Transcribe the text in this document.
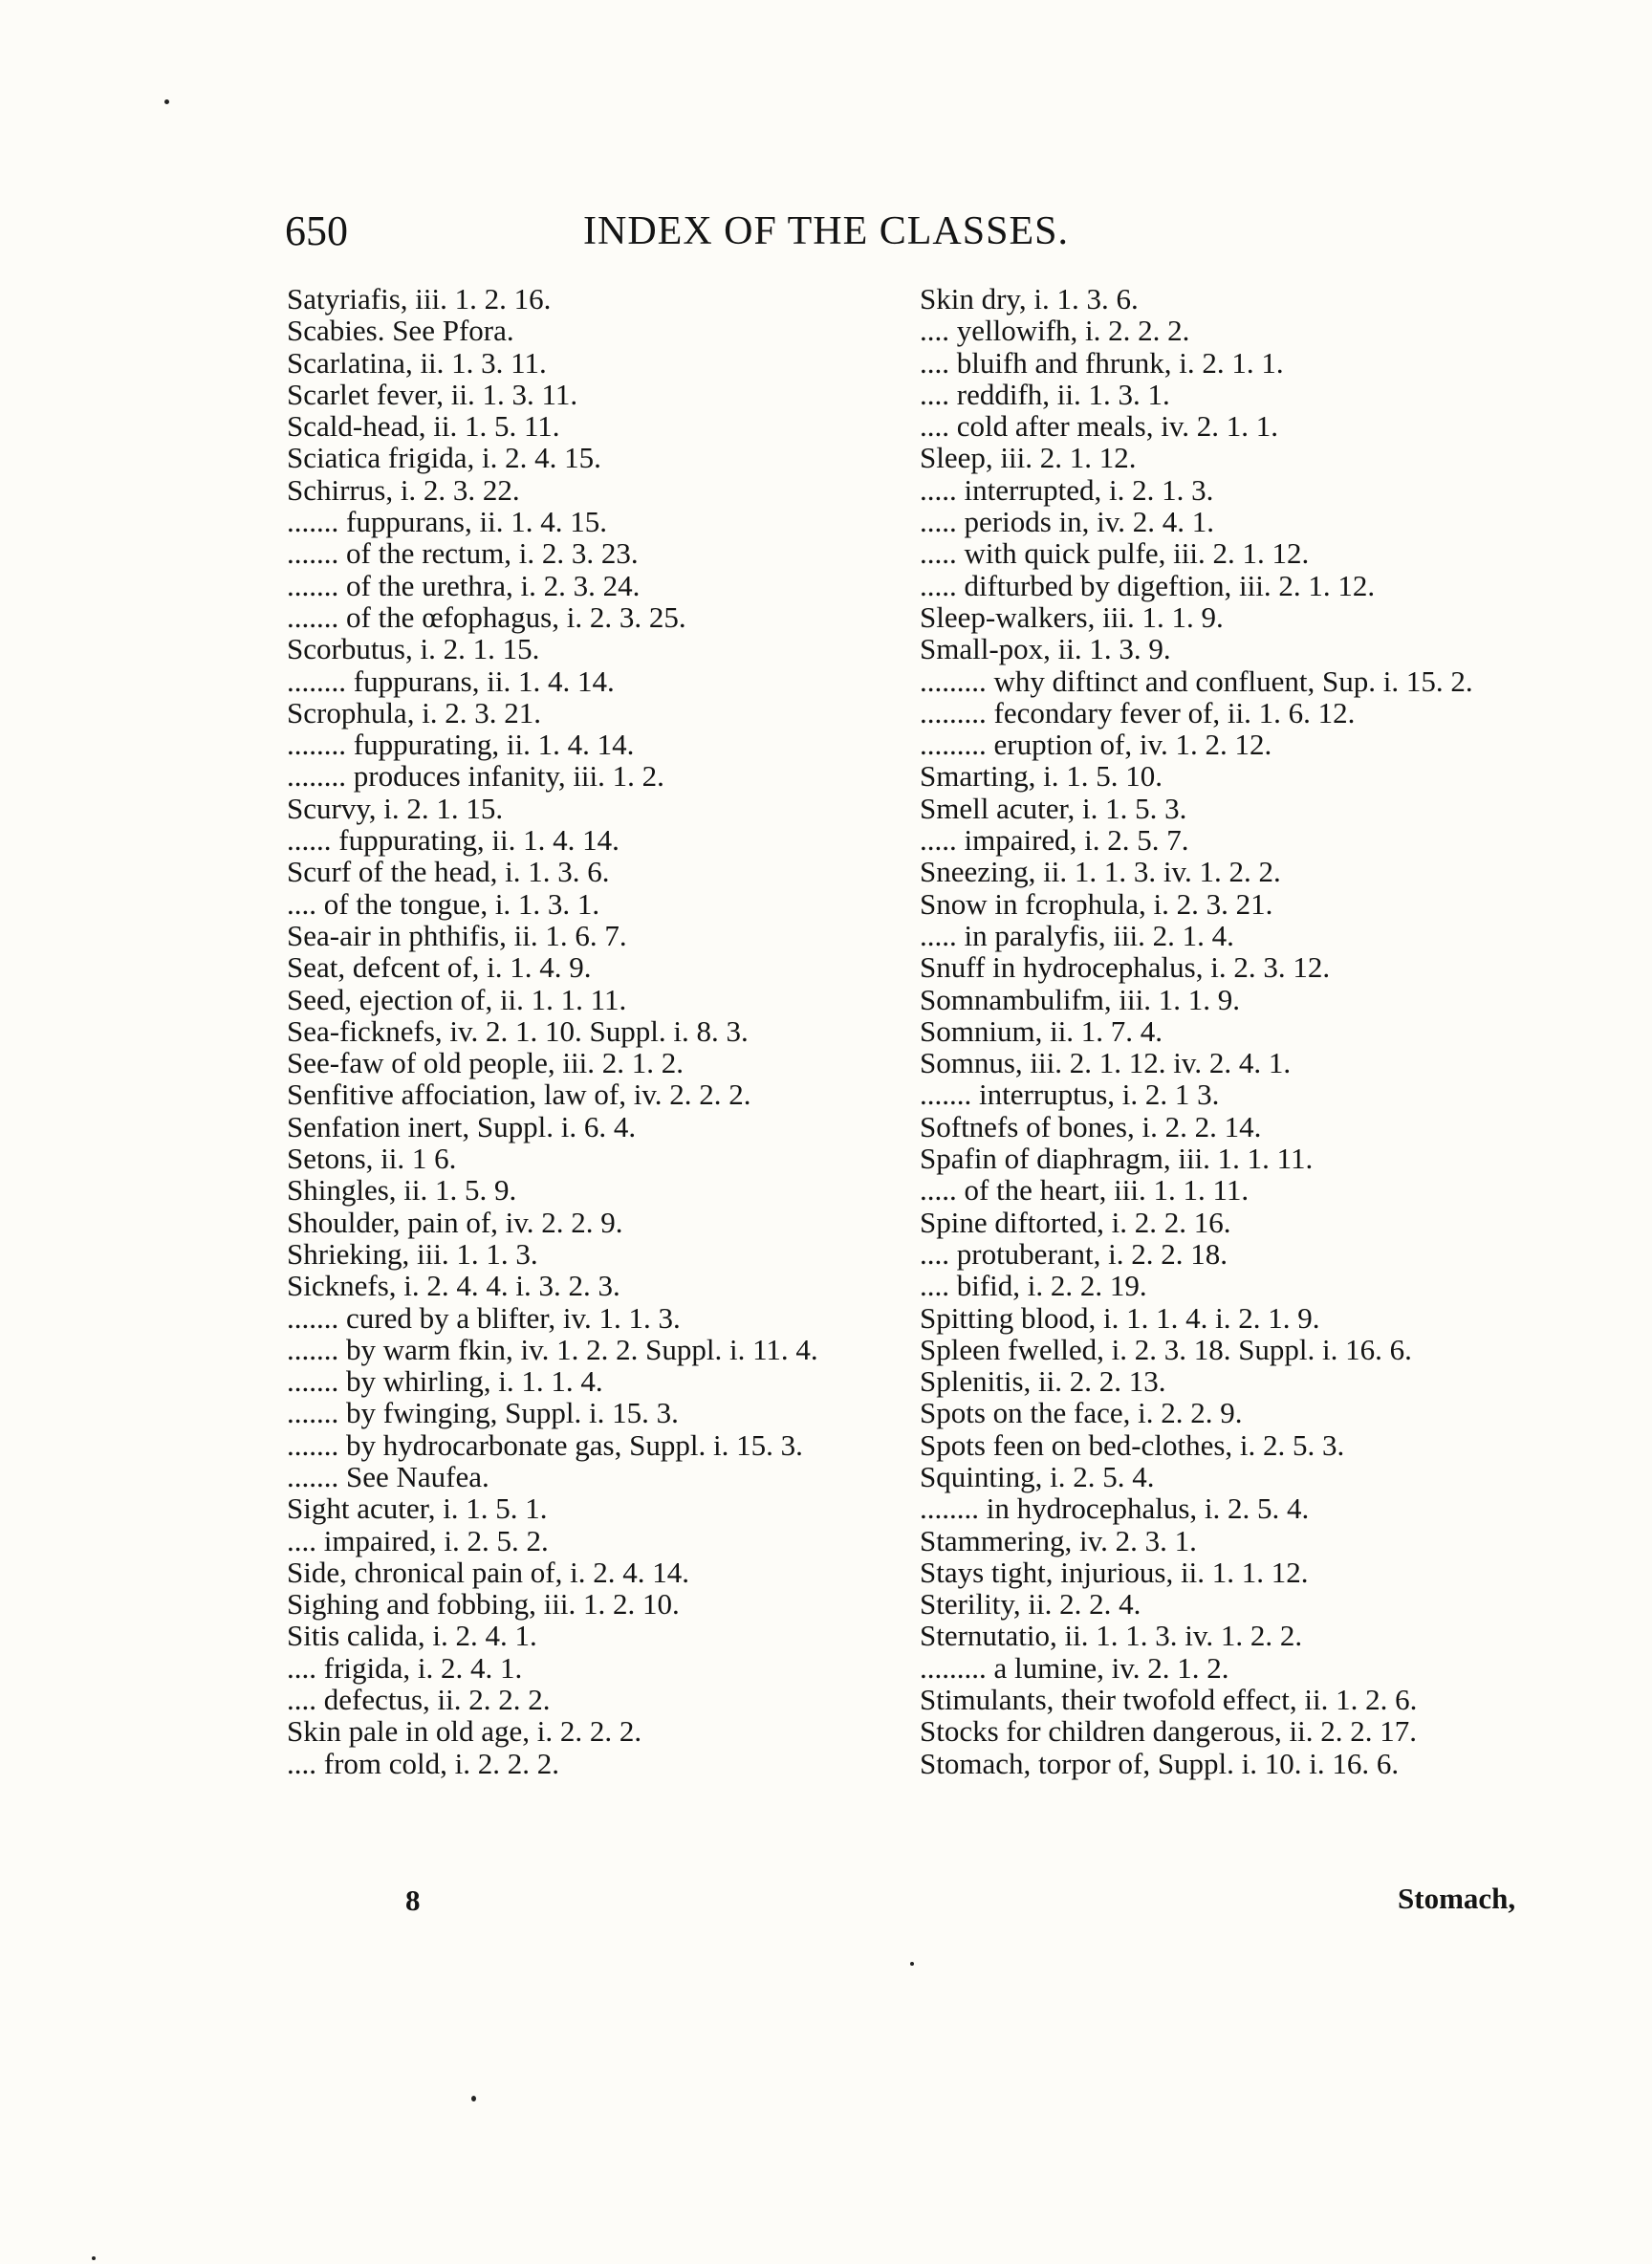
650	INDEX OF THE CLASSES.
Satyriafis, iii. 1. 2. 16.
Scabies. See Pfora.
Scarlatina, ii. 1. 3. 11.
Scarlet fever, ii. 1. 3. 11.
Scald-head, ii. 1. 5. 11.
Sciatica frigida, i. 2. 4. 15.
Schirrus, i. 2. 3. 22.
....... fuppurans, ii. 1. 4. 15.
....... of the rectum, i. 2. 3. 23.
....... of the urethra, i. 2. 3. 24.
....... of the œfophagus, i. 2. 3. 25.
Scorbutus, i. 2. 1. 15.
........ fuppurans, ii. 1. 4. 14.
Scrophula, i. 2. 3. 21.
........ fuppurating, ii. 1. 4. 14.
........ produces infanity, iii. 1. 2.
Scurvy, i. 2. 1. 15.
...... fuppurating, ii. 1. 4. 14.
Scurf of the head, i. 1. 3. 6.
.... of the tongue, i. 1. 3. 1.
Sea-air in phthifis, ii. 1. 6. 7.
Seat, defcent of, i. 1. 4. 9.
Seed, ejection of, ii. 1. 1. 11.
Sea-ficknefs, iv. 2. 1. 10. Suppl. i. 8. 3.
See-faw of old people, iii. 2. 1. 2.
Senfitive affociation, law of, iv. 2. 2. 2.
Senfation inert, Suppl. i. 6. 4.
Setons, ii. 1 6.
Shingles, ii. 1. 5. 9.
Shoulder, pain of, iv. 2. 2. 9.
Shrieking, iii. 1. 1. 3.
Sicknefs, i. 2. 4. 4. i. 3. 2. 3.
....... cured by a blifter, iv. 1. 1. 3.
....... by warm fkin, iv. 1. 2. 2. Suppl. i. 11. 4.
....... by whirling, i. 1. 1. 4.
....... by fwinging, Suppl. i. 15. 3.
....... by hydrocarbonate gas, Suppl. i. 15. 3.
....... See Naufea.
Sight acuter, i. 1. 5. 1.
.... impaired, i. 2. 5. 2.
Side, chronical pain of, i. 2. 4. 14.
Sighing and fobbing, iii. 1. 2. 10.
Sitis calida, i. 2. 4. 1.
.... frigida, i. 2. 4. 1.
.... defectus, ii. 2. 2. 2.
Skin pale in old age, i. 2. 2. 2.
.... from cold, i. 2. 2. 2.
Skin dry, i. 1. 3. 6.
.... yellowifh, i. 2. 2. 2.
.... bluifh and fhrunk, i. 2. 1. 1.
.... reddifh, ii. 1. 3. 1.
.... cold after meals, iv. 2. 1. 1.
Sleep, iii. 2. 1. 12.
..... interrupted, i. 2. 1. 3.
..... periods in, iv. 2. 4. 1.
..... with quick pulfe, iii. 2. 1. 12.
..... difturbed by digeftion, iii. 2. 1. 12.
Sleep-walkers, iii. 1. 1. 9.
Small-pox, ii. 1. 3. 9.
......... why diftinct and confluent, Sup. i. 15. 2.
......... fecondary fever of, ii. 1. 6. 12.
......... eruption of, iv. 1. 2. 12.
Smarting, i. 1. 5. 10.
Smell acuter, i. 1. 5. 3.
..... impaired, i. 2. 5. 7.
Sneezing, ii. 1. 1. 3. iv. 1. 2. 2.
Snow in fcrophula, i. 2. 3. 21.
..... in paralyfis, iii. 2. 1. 4.
Snuff in hydrocephalus, i. 2. 3. 12.
Somnambulifm, iii. 1. 1. 9.
Somnium, ii. 1. 7. 4.
Somnus, iii. 2. 1. 12. iv. 2. 4. 1.
....... interruptus, i. 2. 1 3.
Softnefs of bones, i. 2. 2. 14.
Spafin of diaphragm, iii. 1. 1. 11.
..... of the heart, iii. 1. 1. 11.
Spine diftorted, i. 2. 2. 16.
.... protuberant, i. 2. 2. 18.
.... bifid, i. 2. 2. 19.
Spitting blood, i. 1. 1. 4. i. 2. 1. 9.
Spleen fwelled, i. 2. 3. 18. Suppl. i. 16. 6.
Splenitis, ii. 2. 2. 13.
Spots on the face, i. 2. 2. 9.
Spots feen on bed-clothes, i. 2. 5. 3.
Squinting, i. 2. 5. 4.
........ in hydrocephalus, i. 2. 5. 4.
Stammering, iv. 2. 3. 1.
Stays tight, injurious, ii. 1. 1. 12.
Sterility, ii. 2. 2. 4.
Sternutatio, ii. 1. 1. 3. iv. 1. 2. 2.
......... a lumine, iv. 2. 1. 2.
Stimulants, their twofold effect, ii. 1. 2. 6.
Stocks for children dangerous, ii. 2. 2. 17.
Stomach, torpor of, Suppl. i. 10. i. 16. 6.
8	Stomach,
